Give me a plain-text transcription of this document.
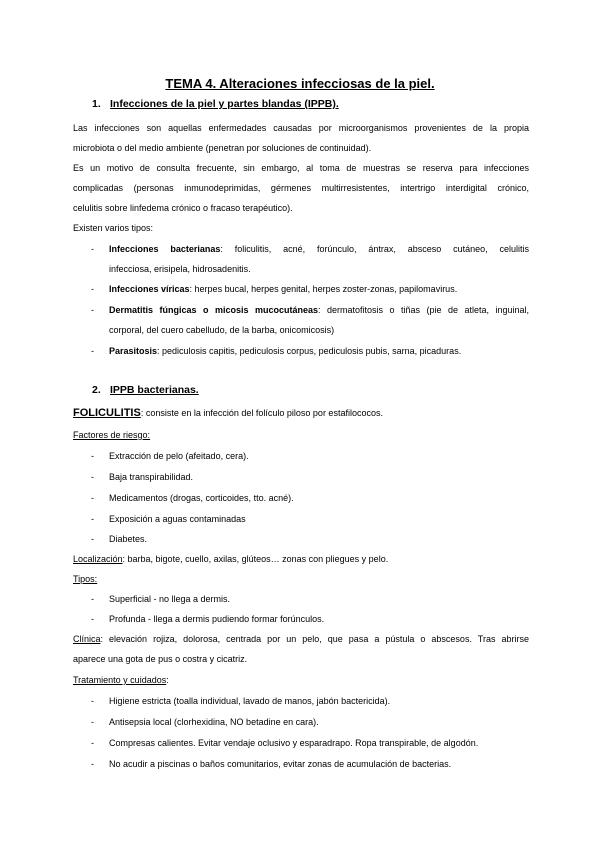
TEMA 4. Alteraciones infecciosas de la piel.
1. Infecciones de la piel y partes blandas (IPPB).
Las infecciones son aquellas enfermedades causadas por microorganismos provenientes de la propia
microbiota o del medio ambiente (penetran por soluciones de continuidad).
Es un motivo de consulta frecuente, sin embargo, al toma de muestras se reserva para infecciones
complicadas (personas inmunodeprimidas, gérmenes multirresistentes, intertrigo interdigital crónico,
celulitis sobre linfedema crónico o fracaso terapéutico).
Existen varios tipos:
- Infecciones bacterianas: foliculitis, acné, forúnculo, ántrax, absceso cutáneo, celulitis
infecciosa, erisipela, hidrosadenitis.
- Infecciones víricas: herpes bucal, herpes genital, herpes zoster-zonas, papilomavirus.
- Dermatitis fúngicas o micosis mucocutáneas: dermatofitosis o tiñas (pie de atleta, inguinal,
corporal, del cuero cabelludo, de la barba, onicomicosis)
- Parasitosis: pediculosis capitis, pediculosis corpus, pediculosis pubis, sarna, picaduras.
2. IPPB bacterianas.
FOLICULITIS: consiste en la infección del folículo piloso por estafilococos.
Factores de riesgo:
- Extracción de pelo (afeitado, cera).
- Baja transpirabilidad.
- Medicamentos (drogas, corticoides, tto. acné).
- Exposición a aguas contaminadas
- Diabetes.
Localización: barba, bigote, cuello, axilas, glúteos… zonas con pliegues y pelo.
Tipos:
- Superficial - no llega a dermis.
- Profunda - llega a dermis pudiendo formar forúnculos.
Clínica: elevación rojiza, dolorosa, centrada por un pelo, que pasa a pústula o abscesos. Tras abrirse
aparece una gota de pus o costra y cicatriz.
Tratamiento y cuidados:
- Higiene estricta (toalla individual, lavado de manos, jabón bactericida).
- Antisepsia local (clorhexidina, NO betadine en cara).
- Compresas calientes. Evitar vendaje oclusivo y esparadrapo. Ropa transpirable, de algodón.
- No acudir a piscinas o baños comunitarios, evitar zonas de acumulación de bacterias.
